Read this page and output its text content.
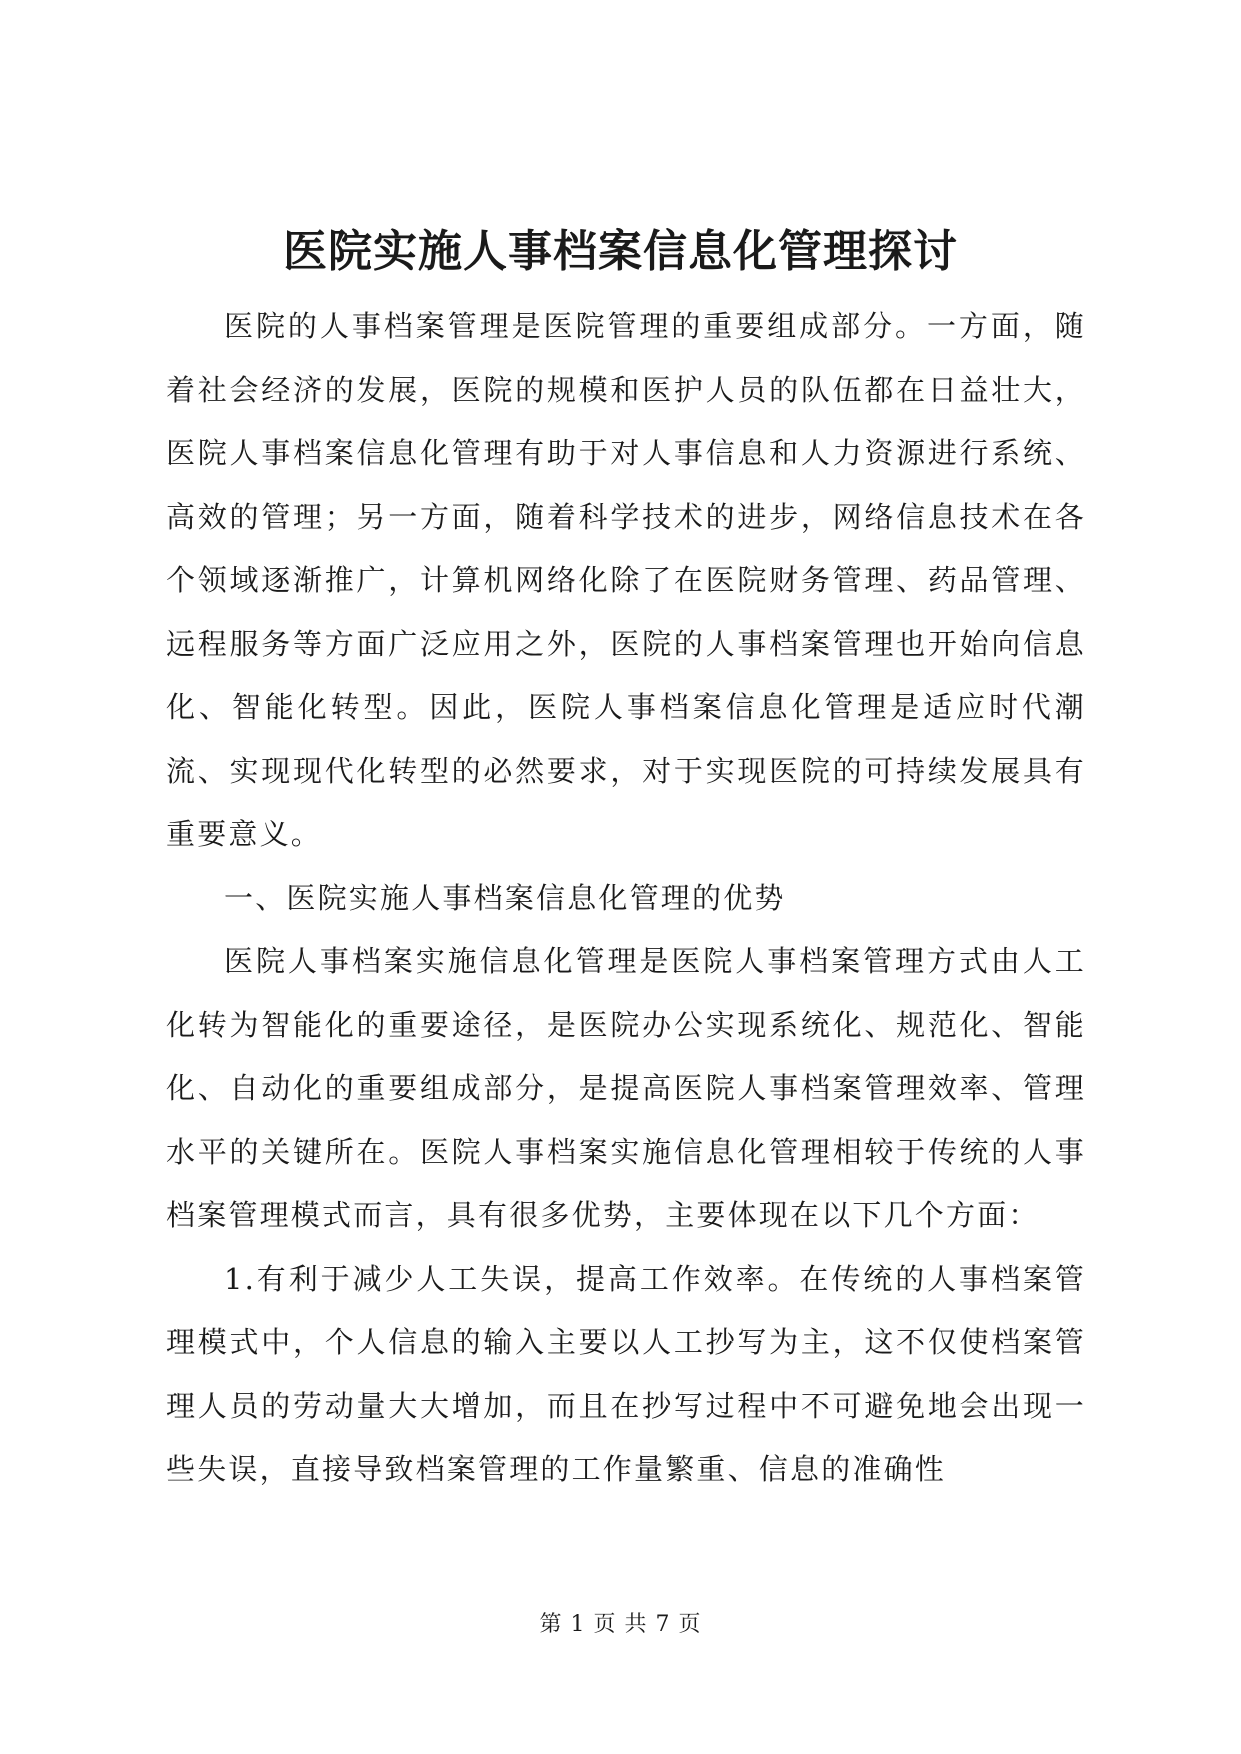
医院实施人事档案信息化管理探讨

医院的人事档案管理是医院管理的重要组成部分。一方面，随着社会经济的发展，医院的规模和医护人员的队伍都在日益壮大，医院人事档案信息化管理有助于对人事信息和人力资源进行系统、高效的管理；另一方面，随着科学技术的进步，网络信息技术在各个领域逐渐推广，计算机网络化除了在医院财务管理、药品管理、远程服务等方面广泛应用之外，医院的人事档案管理也开始向信息化、智能化转型。因此，医院人事档案信息化管理是适应时代潮流、实现现代化转型的必然要求，对于实现医院的可持续发展具有重要意义。

一、医院实施人事档案信息化管理的优势

医院人事档案实施信息化管理是医院人事档案管理方式由人工化转为智能化的重要途径，是医院办公实现系统化、规范化、智能化、自动化的重要组成部分，是提高医院人事档案管理效率、管理水平的关键所在。医院人事档案实施信息化管理相较于传统的人事档案管理模式而言，具有很多优势，主要体现在以下几个方面：

1.有利于减少人工失误，提高工作效率。在传统的人事档案管理模式中，个人信息的输入主要以人工抄写为主，这不仅使档案管理人员的劳动量大大增加，而且在抄写过程中不可避免地会出现一些失误，直接导致档案管理的工作量繁重、信息的准确性

第 1 页 共 7 页
